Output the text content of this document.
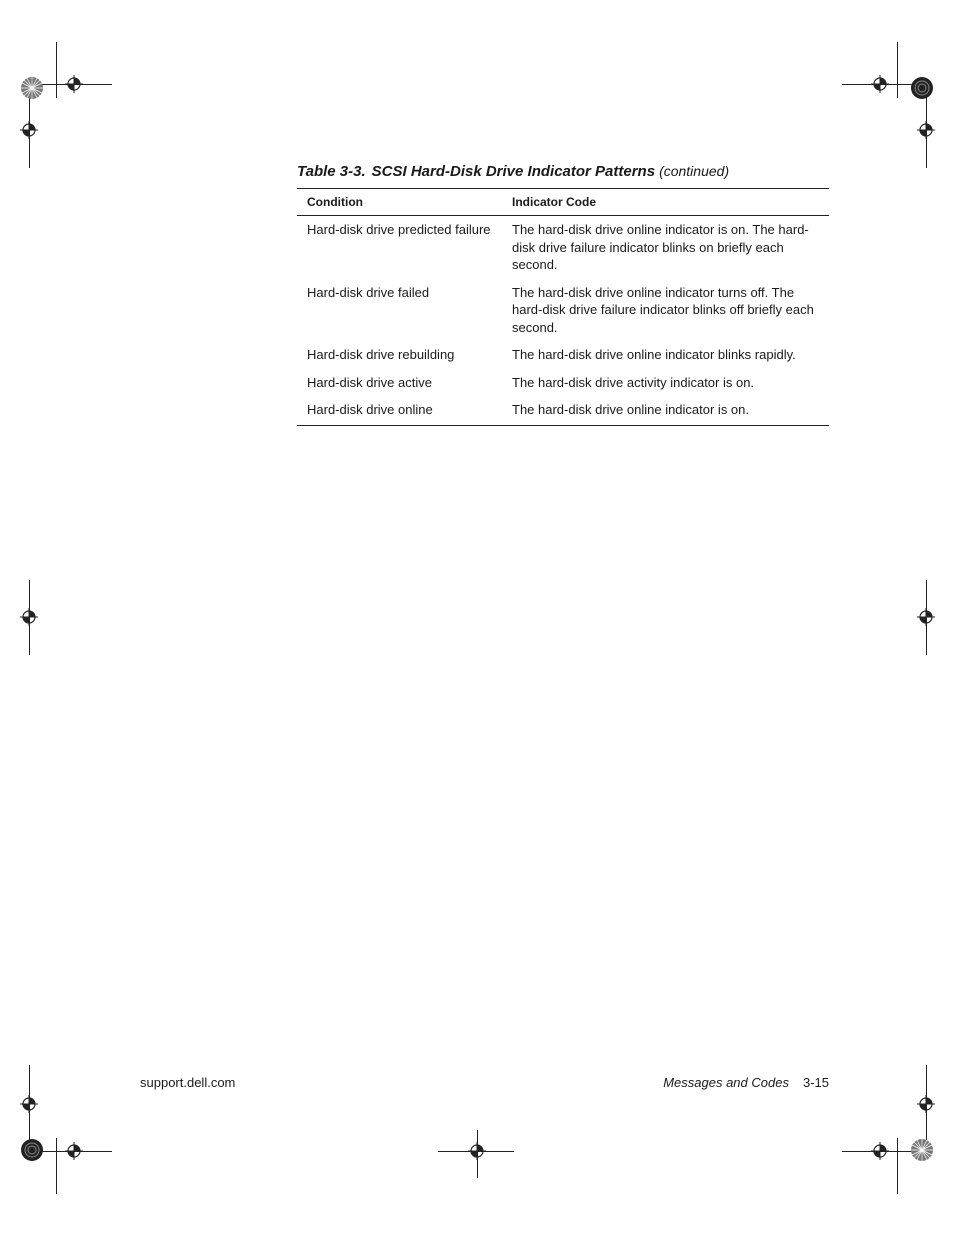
Table 3-3. SCSI Hard-Disk Drive Indicator Patterns (continued)
Condition	Indicator Code
Hard-disk drive predicted failure	The hard-disk drive online indicator is on. The hard-disk drive failure indicator blinks on briefly each second.
Hard-disk drive failed	The hard-disk drive online indicator turns off. The hard-disk drive failure indicator blinks off briefly each second.
Hard-disk drive rebuilding	The hard-disk drive online indicator blinks rapidly.
Hard-disk drive active	The hard-disk drive activity indicator is on.
Hard-disk drive online	The hard-disk drive online indicator is on.
support.dell.com	Messages and Codes 3-15
